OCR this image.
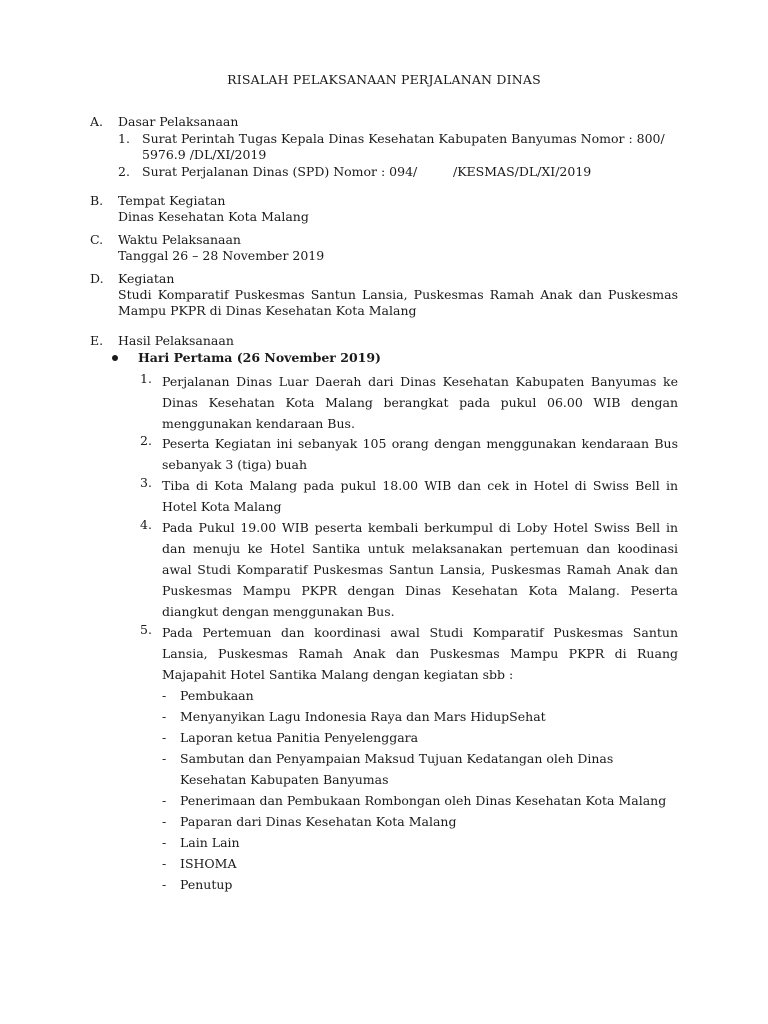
RISALAH PELAKSANAAN PERJALANAN DINAS
A. Dasar Pelaksanaan
1. Surat Perintah Tugas Kepala Dinas Kesehatan Kabupaten Banyumas Nomor : 800/ 5976.9 /DL/XI/2019
2. Surat Perjalanan Dinas (SPD) Nomor : 094/         /KESMAS/DL/XI/2019
B. Tempat Kegiatan
Dinas Kesehatan Kota Malang
C. Waktu Pelaksanaan
Tanggal 26 – 28 November 2019
D. Kegiatan
Studi Komparatif Puskesmas Santun Lansia, Puskesmas Ramah Anak dan Puskesmas Mampu PKPR di Dinas Kesehatan Kota Malang
E. Hasil Pelaksanaan
Hari Pertama (26 November 2019)
1. Perjalanan Dinas Luar Daerah dari Dinas Kesehatan Kabupaten Banyumas ke Dinas Kesehatan Kota Malang berangkat pada pukul 06.00 WIB dengan menggunakan kendaraan Bus.
2. Peserta Kegiatan ini sebanyak 105 orang dengan menggunakan kendaraan Bus sebanyak 3 (tiga) buah
3. Tiba di Kota Malang pada pukul 18.00 WIB dan cek in Hotel di Swiss Bell in Hotel Kota Malang
4. Pada Pukul 19.00 WIB peserta kembali berkumpul di Loby Hotel Swiss Bell in dan menuju ke Hotel Santika untuk melaksanakan pertemuan dan koodinasi awal Studi Komparatif Puskesmas Santun Lansia, Puskesmas Ramah Anak dan Puskesmas Mampu PKPR dengan Dinas Kesehatan Kota Malang. Peserta diangkut dengan menggunakan Bus.
5. Pada Pertemuan dan koordinasi awal Studi Komparatif Puskesmas Santun Lansia, Puskesmas Ramah Anak dan Puskesmas Mampu PKPR di Ruang Majapahit Hotel Santika Malang dengan kegiatan sbb :
- Pembukaan
- Menyanyikan Lagu Indonesia Raya dan Mars HidupSehat
- Laporan ketua Panitia Penyelenggara
- Sambutan dan Penyampaian Maksud Tujuan Kedatangan oleh Dinas Kesehatan Kabupaten Banyumas
- Penerimaan dan Pembukaan Rombongan oleh Dinas Kesehatan Kota Malang
- Paparan dari Dinas Kesehatan Kota Malang
- Lain Lain
- ISHOMA
- Penutup
